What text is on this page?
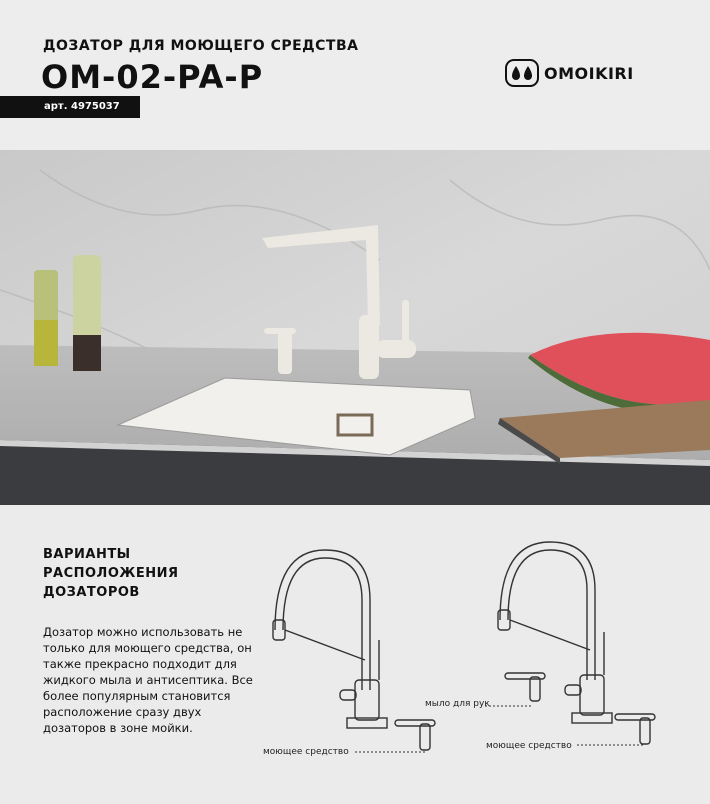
ДОЗАТОР ДЛЯ МОЮЩЕГО СРЕДСТВА
OM-02-PA-P
арт. 4975037
OMOIKIRI
ВАРИАНТЫ
РАСПОЛОЖЕНИЯ
ДОЗАТОРОВ
Дозатор можно использовать не только для моющего средства, он также прекрасно подходит для жидкого мыла и антисептика. Все более популярным становится расположение сразу двух дозаторов в зоне мойки.
моющее средство
мыло для рук
моющее средство
